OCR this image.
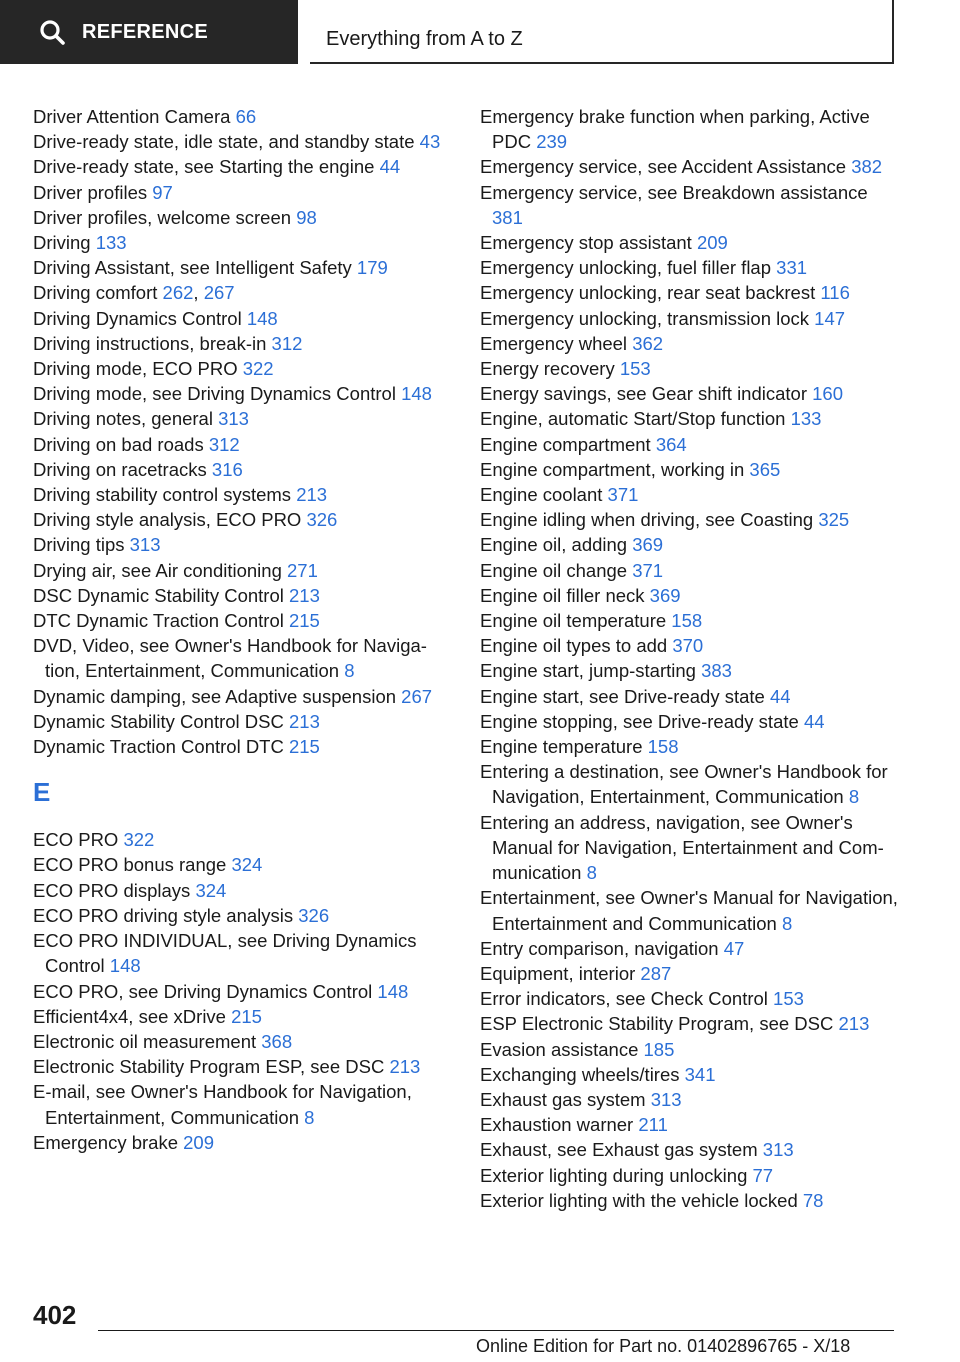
REFERENCE	Everything from A to Z

Driver Attention Camera 66

Drive-ready state, idle state, and standby state 43

Drive-ready state, see Starting the engine 44

Driver profiles 97

Driver profiles, welcome screen 98

Driving 133

Driving Assistant, see Intelligent Safety 179

Driving comfort 262, 267

Driving Dynamics Control 148

Driving instructions, break-in 312

Driving mode, ECO PRO 322

Driving mode, see Driving Dynamics Control 148

Driving notes, general 313

Driving on bad roads 312

Driving on racetracks 316

Driving stability control systems 213

Driving style analysis, ECO PRO 326

Driving tips 313

Drying air, see Air conditioning 271

DSC Dynamic Stability Control 213

DTC Dynamic Traction Control 215

DVD, Video, see Owner's Handbook for Navigation, Entertainment, Communication 8

Dynamic damping, see Adaptive suspension 267

Dynamic Stability Control DSC 213

Dynamic Traction Control DTC 215

E

ECO PRO 322

ECO PRO bonus range 324

ECO PRO displays 324

ECO PRO driving style analysis 326

ECO PRO INDIVIDUAL, see Driving Dynamics Control 148

ECO PRO, see Driving Dynamics Control 148

Efficient4x4, see xDrive 215

Electronic oil measurement 368

Electronic Stability Program ESP, see DSC 213

E-mail, see Owner's Handbook for Navigation, Entertainment, Communication 8

Emergency brake 209

Emergency brake function when parking, Active PDC 239

Emergency service, see Accident Assistance 382

Emergency service, see Breakdown assistance 381

Emergency stop assistant 209

Emergency unlocking, fuel filler flap 331

Emergency unlocking, rear seat backrest 116

Emergency unlocking, transmission lock 147

Emergency wheel 362

Energy recovery 153

Energy savings, see Gear shift indicator 160

Engine, automatic Start/Stop function 133

Engine compartment 364

Engine compartment, working in 365

Engine coolant 371

Engine idling when driving, see Coasting 325

Engine oil, adding 369

Engine oil change 371

Engine oil filler neck 369

Engine oil temperature 158

Engine oil types to add 370

Engine start, jump-starting 383

Engine start, see Drive-ready state 44

Engine stopping, see Drive-ready state 44

Engine temperature 158

Entering a destination, see Owner's Handbook for Navigation, Entertainment, Communication 8

Entering an address, navigation, see Owner's Manual for Navigation, Entertainment and Communication 8

Entertainment, see Owner's Manual for Navigation, Entertainment and Communication 8

Entry comparison, navigation 47

Equipment, interior 287

Error indicators, see Check Control 153

ESP Electronic Stability Program, see DSC 213

Evasion assistance 185

Exchanging wheels/tires 341

Exhaust gas system 313

Exhaustion warner 211

Exhaust, see Exhaust gas system 313

Exterior lighting during unlocking 77

Exterior lighting with the vehicle locked 78

402
Online Edition for Part no. 01402896765 - X/18
